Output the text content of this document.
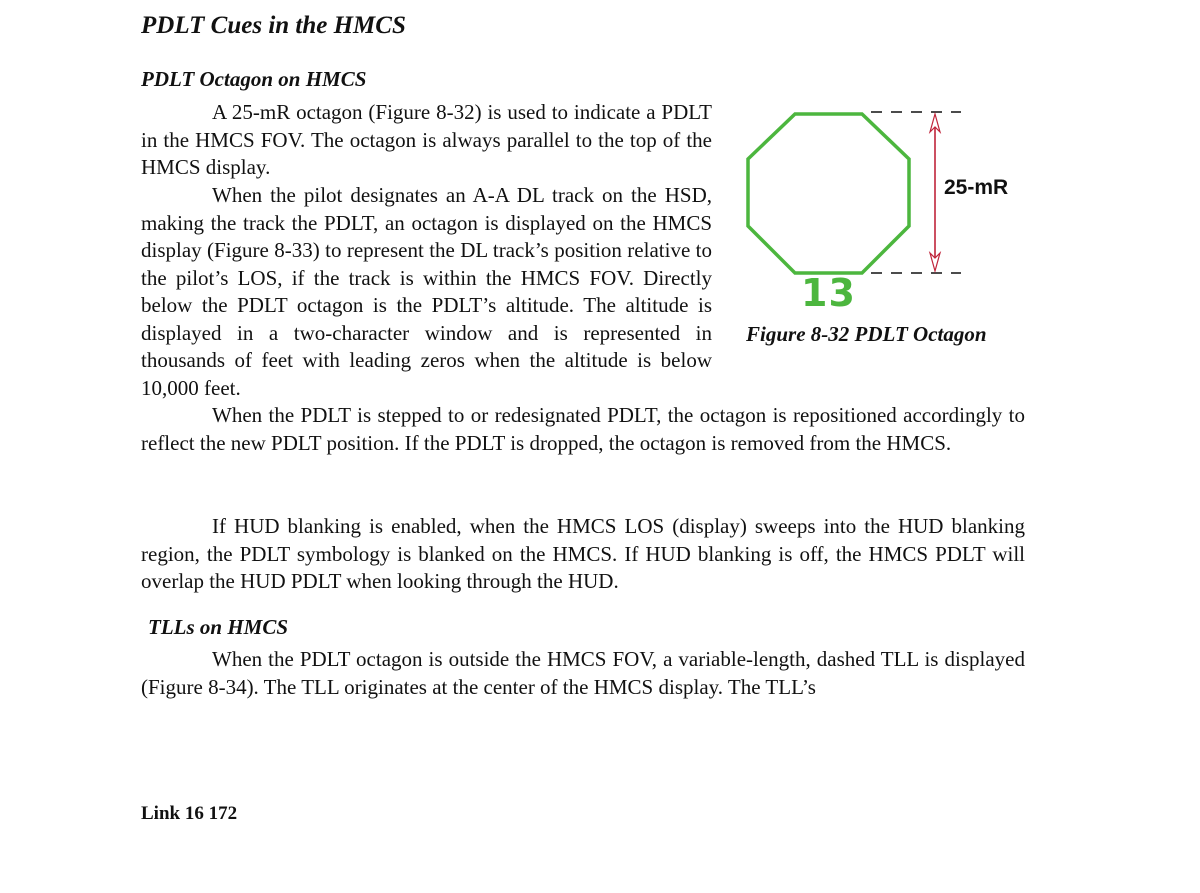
PDLT Cues in the HMCS
PDLT Octagon on HMCS

A 25-mR octagon (Figure 8-32) is used to indicate a PDLT in the HMCS FOV. The octagon is always parallel to the top of the HMCS display.

When the pilot designates an A-A DL track on the HSD, making the track the PDLT, an octagon is displayed on the HMCS display (Figure 8-33) to represent the DL track’s position relative to the pilot’s LOS, if the track is within the HMCS FOV. Directly below the PDLT octagon is the PDLT’s altitude. The altitude is displayed in a two-character window and is represented in thousands of feet with leading zeros when the altitude is below 10,000 feet.

When the PDLT is stepped to or redesignated PDLT, the octagon is repositioned accordingly to reflect the new PDLT position. If the PDLT is dropped, the octagon is removed from the HMCS.

If HUD blanking is enabled, when the HMCS LOS (display) sweeps into the HUD blanking region, the PDLT symbology is blanked on the HMCS. If HUD blanking is off, the HMCS PDLT will overlap the HUD PDLT when looking through the HUD.

TLLs on HMCS

When the PDLT octagon is outside the HMCS FOV, a variable-length, dashed TLL is displayed (Figure 8-34). The TLL originates at the center of the HMCS display. The TLL’s

25-mR
13
Figure 8-32 PDLT Octagon
Link 16 172
